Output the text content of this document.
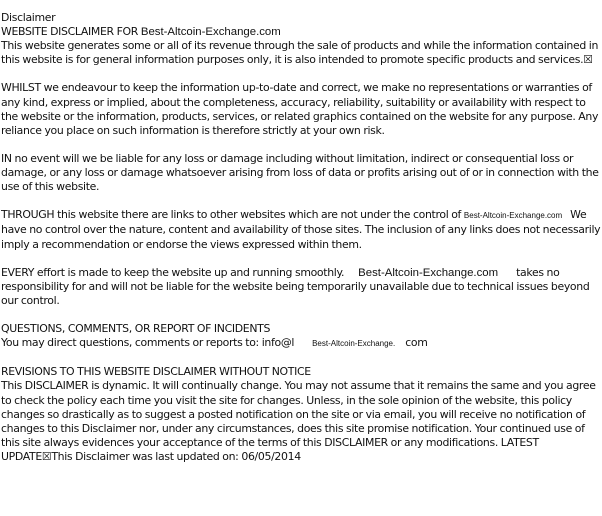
Disclaimer

WEBSITE DISCLAIMER FOR Best-Altcoin-Exchange.com

This website generates some or all of its revenue through the sale of products and while the information contained in this website is for general information purposes only, it is also intended to promote specific products and services.☒

WHILST we endeavour to keep the information up-to-date and correct, we make no representations or warranties of any kind, express or implied, about the completeness, accuracy, reliability, suitability or availability with respect to the website or the information, products, services, or related graphics contained on the website for any purpose. Any reliance you place on such information is therefore strictly at your own risk.

IN no event will we be liable for any loss or damage including without limitation, indirect or consequential loss or damage, or any loss or damage whatsoever arising from loss of data or profits arising out of or in connection with the use of this website.

THROUGH this website there are links to other websites which are not under the control of Best-Altcoin-Exchange.com We have no control over the nature, content and availability of those sites. The inclusion of any links does not necessarily imply a recommendation or endorse the views expressed within them.

EVERY effort is made to keep the website up and running smoothly. Best-Altcoin-Exchange.com takes no responsibility for and will not be liable for the website being temporarily unavailable due to technical issues beyond our control.

QUESTIONS, COMMENTS, OR REPORT OF INCIDENTS

You may direct questions, comments or reports to: info@l Best-Altcoin-Exchange. com

REVISIONS TO THIS WEBSITE DISCLAIMER WITHOUT NOTICE

This DISCLAIMER is dynamic. It will continually change. You may not assume that it remains the same and you agree to check the policy each time you visit the site for changes. Unless, in the sole opinion of the website, this policy changes so drastically as to suggest a posted notification on the site or via email, you will receive no notification of changes to this Disclaimer nor, under any circumstances, does this site promise notification. Your continued use of this site always evidences your acceptance of the terms of this DISCLAIMER or any modifications. LATEST UPDATE☒This Disclaimer was last updated on: 06/05/2014
